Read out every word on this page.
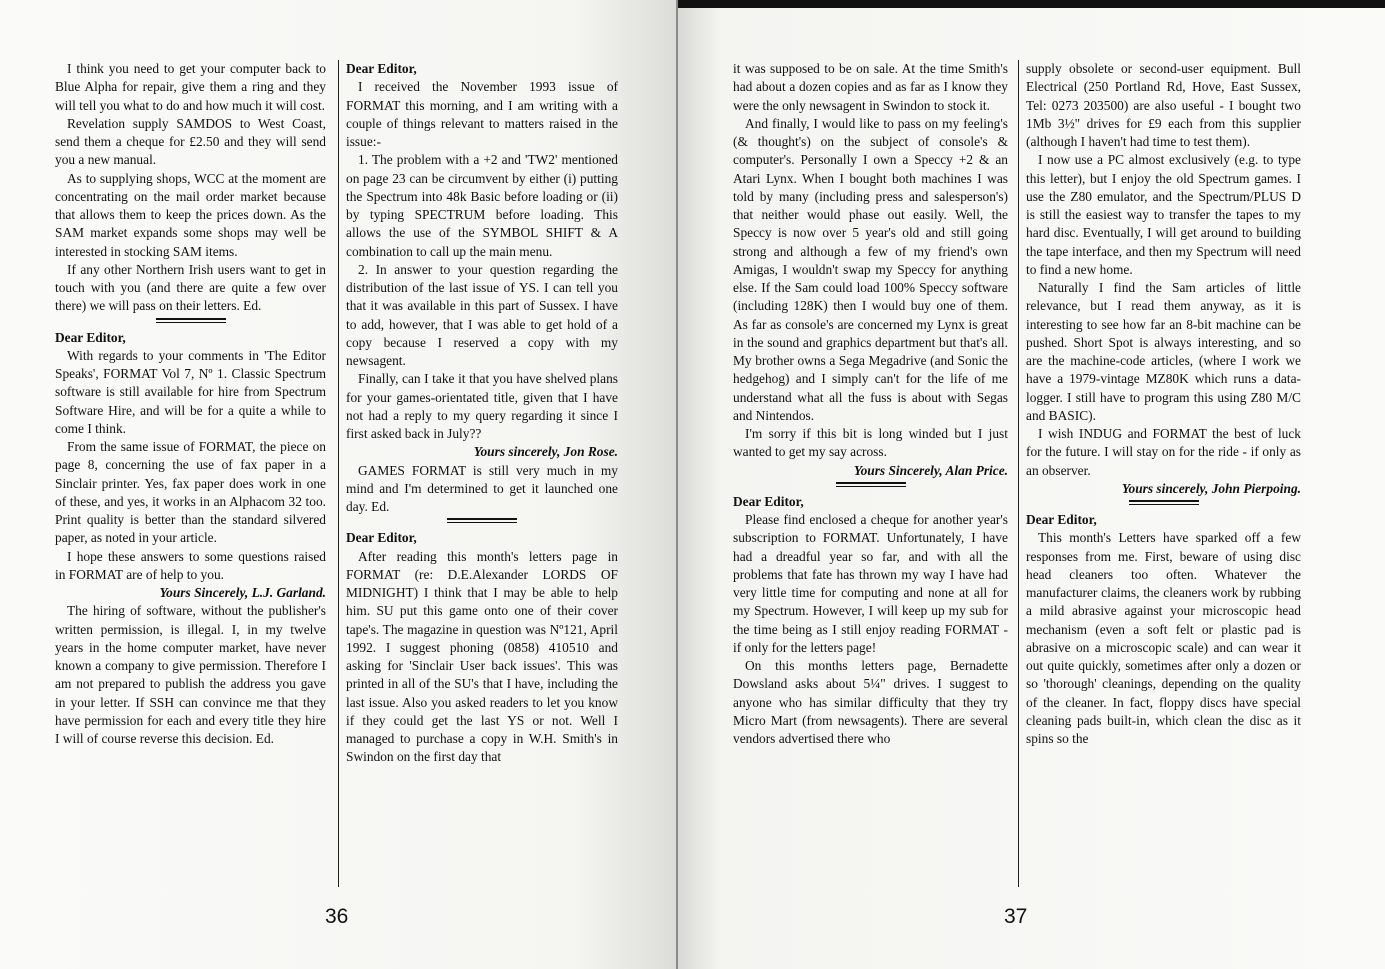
I think you need to get your computer back to Blue Alpha for repair, give them a ring and they will tell you what to do and how much it will cost.

Revelation supply SAMDOS to West Coast, send them a cheque for £2.50 and they will send you a new manual.

As to supplying shops, WCC at the moment are concentrating on the mail order market because that allows them to keep the prices down. As the SAM market expands some shops may well be interested in stocking SAM items.

If any other Northern Irish users want to get in touch with you (and there are quite a few over there) we will pass on their letters. Ed.

Dear Editor,

With regards to your comments in 'The Editor Speaks', FORMAT Vol 7, Nº 1. Classic Spectrum software is still available for hire from Spectrum Software Hire, and will be for a quite a while to come I think.

From the same issue of FORMAT, the piece on page 8, concerning the use of fax paper in a Sinclair printer. Yes, fax paper does work in one of these, and yes, it works in an Alphacom 32 too. Print quality is better than the standard silvered paper, as noted in your article.

I hope these answers to some questions raised in FORMAT are of help to you.

Yours Sincerely, L.J. Garland.

The hiring of software, without the publisher's written permission, is illegal. I, in my twelve years in the home computer market, have never known a company to give permission. Therefore I am not prepared to publish the address you gave in your letter. If SSH can convince me that they have permission for each and every title they hire I will of course reverse this decision. Ed.

Dear Editor,

I received the November 1993 issue of FORMAT this morning, and I am writing with a couple of things relevant to matters raised in the issue:-

1. The problem with a +2 and 'TW2' mentioned on page 23 can be circumvent by either (i) putting the Spectrum into 48k Basic before loading or (ii) by typing SPECTRUM before loading. This allows the use of the SYMBOL SHIFT & A combination to call up the main menu.

2. In answer to your question regarding the distribution of the last issue of YS. I can tell you that it was available in this part of Sussex. I have to add, however, that I was able to get hold of a copy because I reserved a copy with my newsagent.

Finally, can I take it that you have shelved plans for your games-orientated title, given that I have not had a reply to my query regarding it since I first asked back in July??

Yours sincerely, Jon Rose.

GAMES FORMAT is still very much in my mind and I'm determined to get it launched one day. Ed.

Dear Editor,

After reading this month's letters page in FORMAT (re: D.E.Alexander LORDS OF MIDNIGHT) I think that I may be able to help him. SU put this game onto one of their cover tape's. The magazine in question was Nº121, April 1992. I suggest phoning (0858) 410510 and asking for 'Sinclair User back issues'. This was printed in all of the SU's that I have, including the last issue. Also you asked readers to let you know if they could get the last YS or not. Well I managed to purchase a copy in W.H. Smith's in Swindon on the first day that

36

it was supposed to be on sale. At the time Smith's had about a dozen copies and as far as I know they were the only newsagent in Swindon to stock it.

And finally, I would like to pass on my feeling's (& thought's) on the subject of console's & computer's. Personally I own a Speccy +2 & an Atari Lynx. When I bought both machines I was told by many (including press and salesperson's) that neither would phase out easily. Well, the Speccy is now over 5 year's old and still going strong and although a few of my friend's own Amigas, I wouldn't swap my Speccy for anything else. If the Sam could load 100% Speccy software (including 128K) then I would buy one of them. As far as console's are concerned my Lynx is great in the sound and graphics department but that's all. My brother owns a Sega Megadrive (and Sonic the hedgehog) and I simply can't for the life of me understand what all the fuss is about with Segas and Nintendos.

I'm sorry if this bit is long winded but I just wanted to get my say across.

Yours Sincerely, Alan Price.
Dear Editor,

Please find enclosed a cheque for another year's subscription to FORMAT. Unfortunately, I have had a dreadful year so far, and with all the problems that fate has thrown my way I have had very little time for computing and none at all for my Spectrum. However, I will keep up my sub for the time being as I still enjoy reading FORMAT - if only for the letters page!

On this months letters page, Bernadette Dowsland asks about 5¼" drives. I suggest to anyone who has similar difficulty that they try Micro Mart (from newsagents). There are several vendors advertised there who

supply obsolete or second-user equipment. Bull Electrical (250 Portland Rd, Hove, East Sussex, Tel: 0273 203500) are also useful - I bought two 1Mb 3½" drives for £9 each from this supplier (although I haven't had time to test them).

I now use a PC almost exclusively (e.g. to type this letter), but I enjoy the old Spectrum games. I use the Z80 emulator, and the Spectrum/PLUS D is still the easiest way to transfer the tapes to my hard disc. Eventually, I will get around to building the tape interface, and then my Spectrum will need to find a new home.

Naturally I find the Sam articles of little relevance, but I read them anyway, as it is interesting to see how far an 8-bit machine can be pushed. Short Spot is always interesting, and so are the machine-code articles, (where I work we have a 1979-vintage MZ80K which runs a data-logger. I still have to program this using Z80 M/C and BASIC).

I wish INDUG and FORMAT the best of luck for the future. I will stay on for the ride - if only as an observer.

Yours sincerely, John Pierpoing.
Dear Editor,

This month's Letters have sparked off a few responses from me. First, beware of using disc head cleaners too often. Whatever the manufacturer claims, the cleaners work by rubbing a mild abrasive against your microscopic head mechanism (even a soft felt or plastic pad is abrasive on a microscopic scale) and can wear it out quite quickly, sometimes after only a dozen or so 'thorough' cleanings, depending on the quality of the cleaner. In fact, floppy discs have special cleaning pads built-in, which clean the disc as it spins so the

37
